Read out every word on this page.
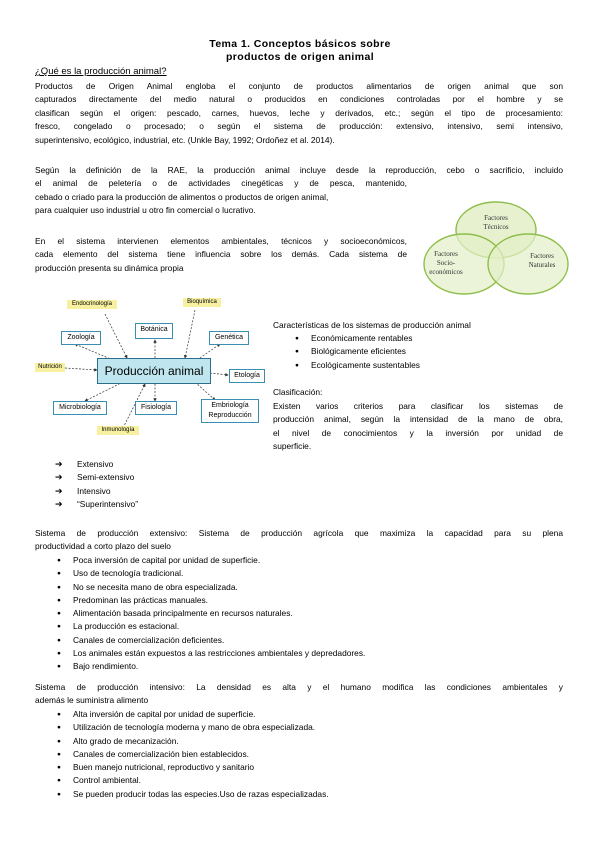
Tema 1. Conceptos básicos sobre
productos de origen animal
¿Qué es la producción animal?
Productos de Origen Animal engloba el conjunto de productos alimentarios de origen animal que son
capturados directamente del medio natural o producidos en condiciones controladas por el hombre y se
clasifican según el origen: pescado, carnes, huevos, leche y derivados, etc.; según el tipo de procesamiento:
fresco, congelado o procesado; o según el sistema de producción: extensivo, intensivo, semi intensivo,
superintensivo, ecológico, industrial, etc. (Unkle Bay, 1992; Ordoñez et al. 2014).
Según la definición de la RAE, la producción animal incluye desde la reproducción, cebo o sacrificio, incluido
el animal de peletería o de actividades cinegéticas y de pesca, mantenido,
cebado o criado para la producción de alimentos o productos de origen animal,
para cualquier uso industrial u otro fin comercial o lucrativo.
En el sistema intervienen elementos ambientales, técnicos y socioeconómicos,
cada elemento del sistema tiene influencia sobre los demás. Cada sistema de
producción presenta su dinámica propia
Factores
Técnicos
Factores
Socio-
económicos
Factores
Naturales
Endocrinología	Bioquímica
Nutrición
Inmunología
Zoología
Botánica
Genética
Etología
Microbiología	Fisiología	Embriología
Reproducción
Producción animal
Características de los sistemas de producción animal
● Económicamente rentables
● Biológicamente eficientes
● Ecológicamente sustentables
Clasificación:
Existen varios criterios para clasificar los sistemas de
producción animal, según la intensidad de la mano de obra,
el nivel de conocimientos y la inversión por unidad de
superficie.
➔ Extensivo
➔ Semi-extensivo
➔ Intensivo
➔ “Superintensivo”
Sistema de producción extensivo: Sistema de producción agrícola que maximiza la capacidad para su plena
productividad a corto plazo del suelo
● Poca inversión de capital por unidad de superficie.
● Uso de tecnología tradicional.
● No se necesita mano de obra especializada.
● Predominan las prácticas manuales.
● Alimentación basada principalmente en recursos naturales.
● La producción es estacional.
● Canales de comercialización deficientes.
● Los animales están expuestos a las restricciones ambientales y depredadores.
● Bajo rendimiento.
Sistema de producción intensivo: La densidad es alta y el humano modifica las condiciones ambientales y
además le suministra alimento
● Alta inversión de capital por unidad de superficie.
● Utilización de tecnología moderna y mano de obra especializada.
● Alto grado de mecanización.
● Canales de comercialización bien establecidos.
● Buen manejo nutricional, reproductivo y sanitario
● Control ambiental.
● Se pueden producir todas las especies.Uso de razas especializadas.
